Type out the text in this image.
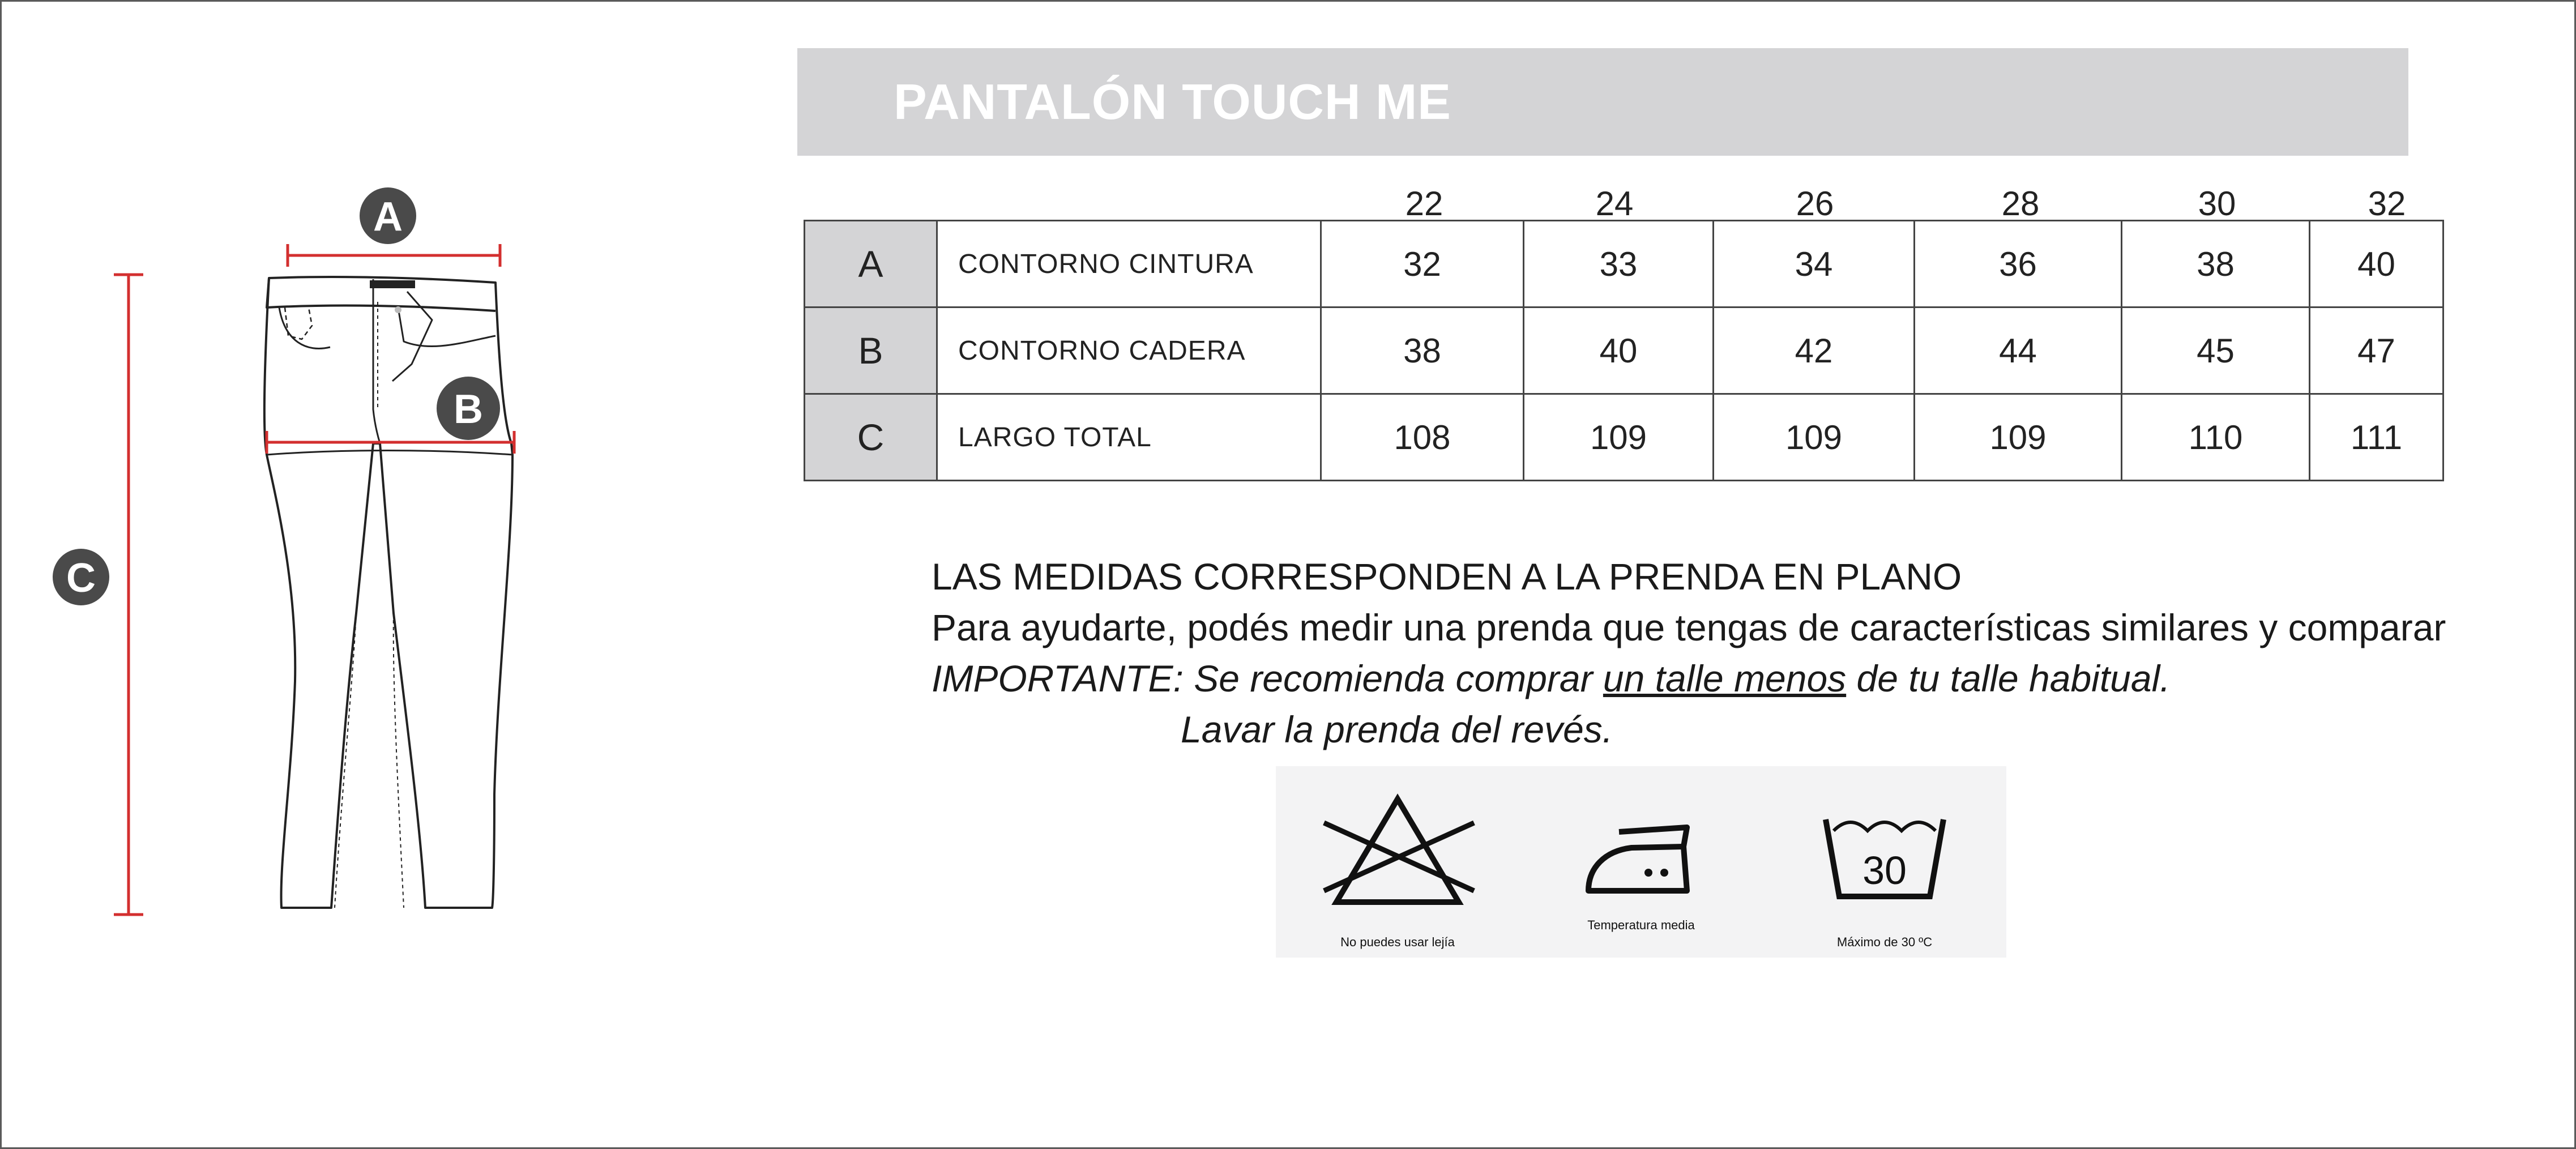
A
B
C
PANTALÓN TOUCH ME
22	24	26	28	30	32
A	CONTORNO CINTURA	32	33	34	36	38	40
B	CONTORNO CADERA	38	40	42	44	45	47
C	LARGO TOTAL	108	109	109	109	110	111
LAS MEDIDAS CORRESPONDEN A LA PRENDA EN PLANO
Para ayudarte, podés medir una prenda que tengas de características similares y comparar
IMPORTANTE: Se recomienda comprar un talle menos de tu talle habitual.
Lavar la prenda del revés.
No puedes usar lejía
Temperatura media
30
Máximo de 30 ºC
